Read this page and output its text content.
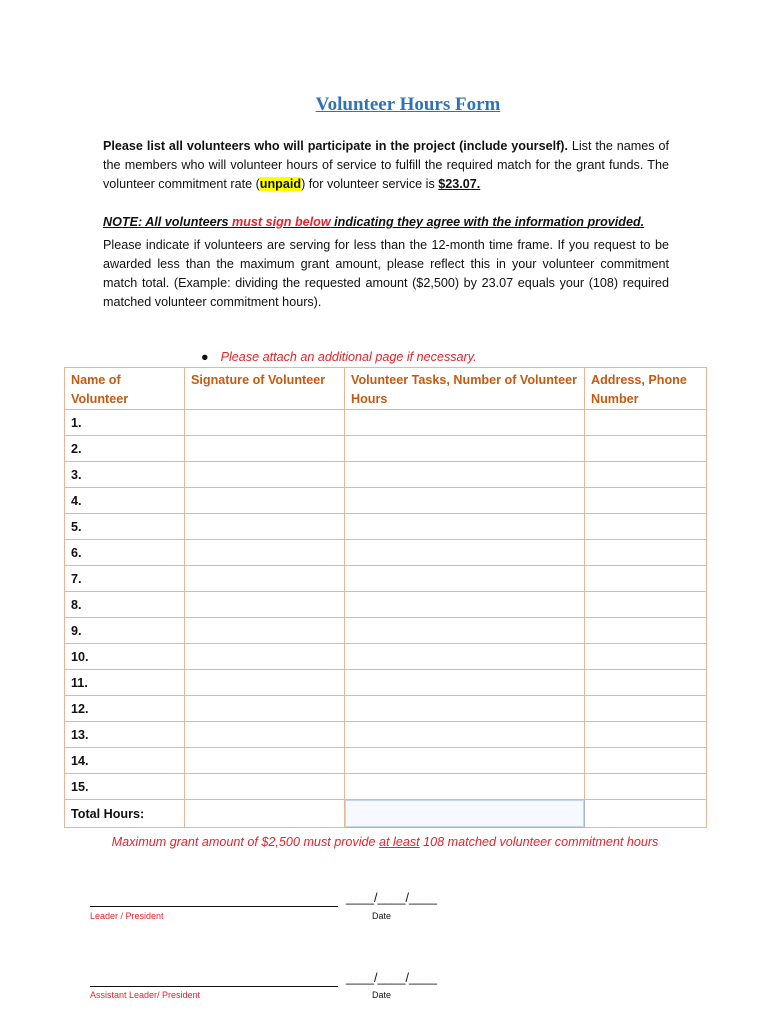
Volunteer Hours Form
Please list all volunteers who will participate in the project (include yourself). List the names of the members who will volunteer hours of service to fulfill the required match for the grant funds. The volunteer commitment rate (unpaid) for volunteer service is $23.07.
NOTE: All volunteers must sign below indicating they agree with the information provided.
Please indicate if volunteers are serving for less than the 12-month time frame. If you request to be awarded less than the maximum grant amount, please reflect this in your volunteer commitment match total. (Example: dividing the requested amount ($2,500) by 23.07 equals your (108) required matched volunteer commitment hours).
● Please attach an additional page if necessary.
Name of Volunteer	Signature of Volunteer	Volunteer Tasks, Number of Volunteer Hours	Address, Phone Number
1.			
2.			
3.			
4.			
5.			
6.			
7.			
8.			
9.			
10.			
11.			
12.			
13.			
14.			
15.			
Total Hours:			
Maximum grant amount of $2,500 must provide at least 108 matched volunteer commitment hours
____/____/____
Leader / President	Date
____/____/____
Assistant Leader/ President	Date
